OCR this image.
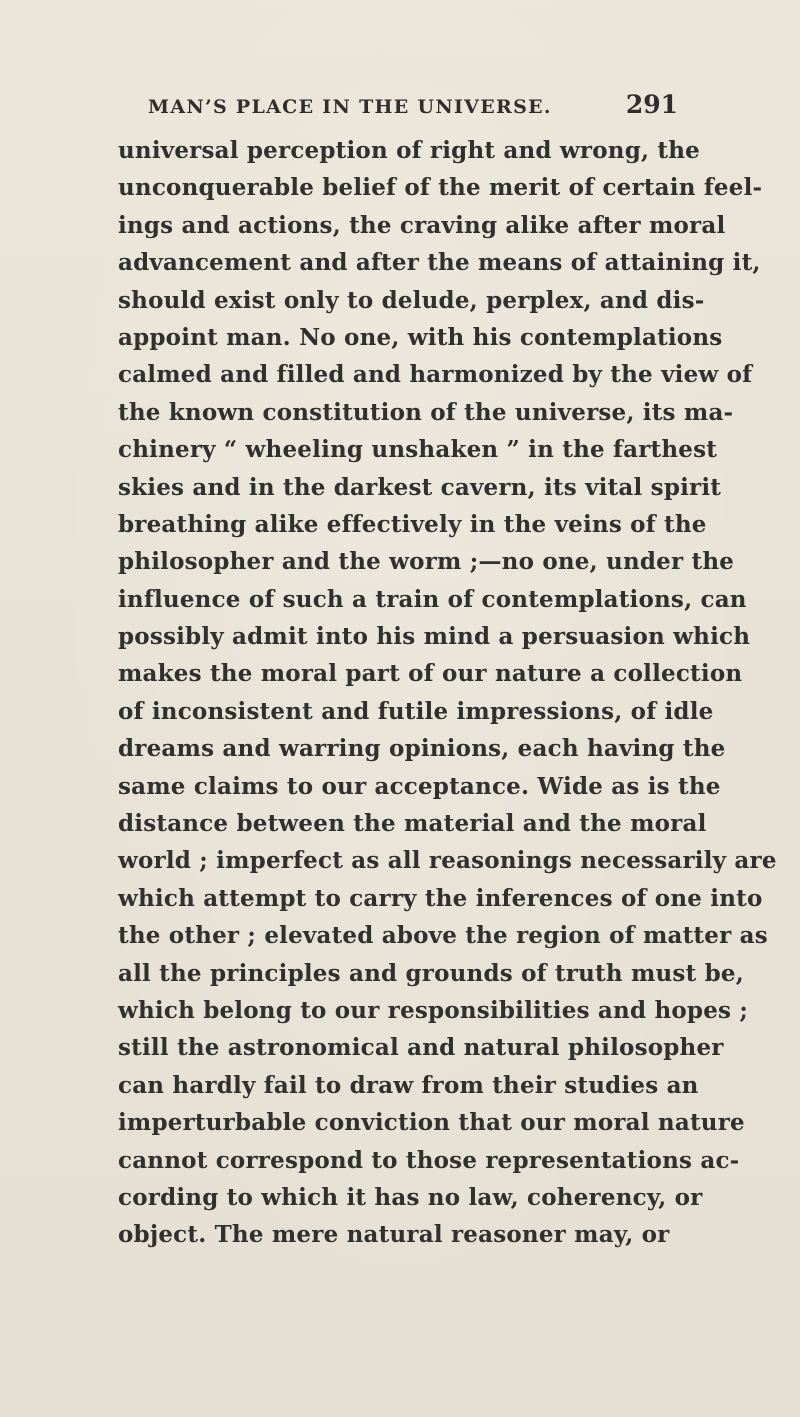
MAN’S PLACE IN THE UNIVERSE.	291
universal perception of right and wrong, the
unconquerable belief of the merit of certain feel-
ings and actions, the craving alike after moral
advancement and after the means of attaining it,
should exist only to delude, perplex, and dis-
appoint man. No one, with his contemplations
calmed and filled and harmonized by the view of
the known constitution of the universe, its ma-
chinery “ wheeling unshaken ” in the farthest
skies and in the darkest cavern, its vital spirit
breathing alike effectively in the veins of the
philosopher and the worm ;—no one, under the
influence of such a train of contemplations, can
possibly admit into his mind a persuasion which
makes the moral part of our nature a collection
of inconsistent and futile impressions, of idle
dreams and warring opinions, each having the
same claims to our acceptance. Wide as is the
distance between the material and the moral
world ; imperfect as all reasonings necessarily are
which attempt to carry the inferences of one into
the other ; elevated above the region of matter as
all the principles and grounds of truth must be,
which belong to our responsibilities and hopes ;
still the astronomical and natural philosopher
can hardly fail to draw from their studies an
imperturbable conviction that our moral nature
cannot correspond to those representations ac-
cording to which it has no law, coherency, or
object. The mere natural reasoner may, or
